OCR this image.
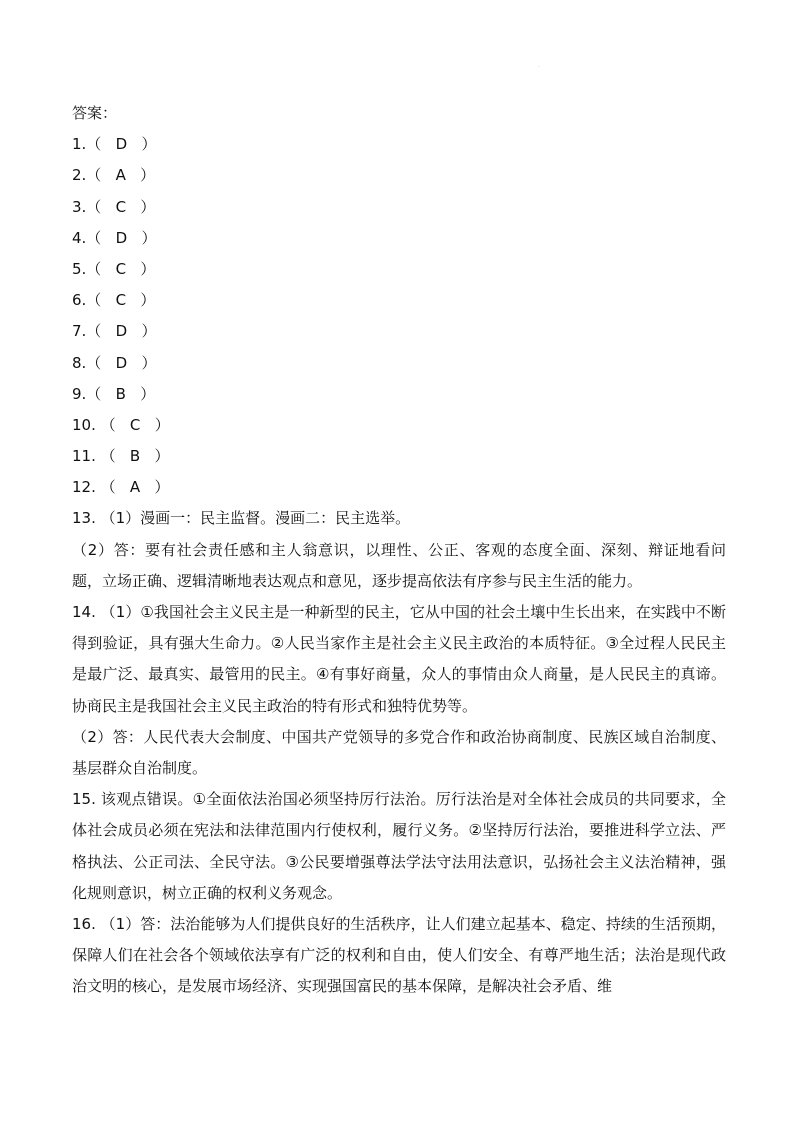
.
答案：
1.（   D   ）
2.（   A   ）
3.（   C   ）
4.（   D   ）
5.（   C   ）
6.（   C   ）
7.（   D   ）
8.（   D   ）
9.（   B   ）
10. （   C   ）
11. （   B   ）
12. （   A   ）

13. （1）漫画一：民主监督。漫画二：民主选举。

（2）答：要有社会责任感和主人翁意识，以理性、公正、客观的态度全面、深刻、辩证地看问题，立场正确、逻辑清晰地表达观点和意见，逐步提高依法有序参与民主生活的能力。

14. （1）①我国社会主义民主是一种新型的民主，它从中国的社会土壤中生长出来，在实践中不断得到验证，具有强大生命力。②人民当家作主是社会主义民主政治的本质特征。③全过程人民民主是最广泛、最真实、最管用的民主。④有事好商量，众人的事情由众人商量，是人民民主的真谛。协商民主是我国社会主义民主政治的特有形式和独特优势等。

（2）答：人民代表大会制度、中国共产党领导的多党合作和政治协商制度、民族区域自治制度、基层群众自治制度。

15. 该观点错误。①全面依法治国必须坚持厉行法治。厉行法治是对全体社会成员的共同要求，全体社会成员必须在宪法和法律范围内行使权利，履行义务。②坚持厉行法治，要推进科学立法、严格执法、公正司法、全民守法。③公民要增强尊法学法守法用法意识，弘扬社会主义法治精神，强化规则意识，树立正确的权利义务观念。

16. （1）答：法治能够为人们提供良好的生活秩序，让人们建立起基本、稳定、持续的生活预期，保障人们在社会各个领域依法享有广泛的权利和自由，使人们安全、有尊严地生活；法治是现代政治文明的核心，是发展市场经济、实现强国富民的基本保障，是解决社会矛盾、维
